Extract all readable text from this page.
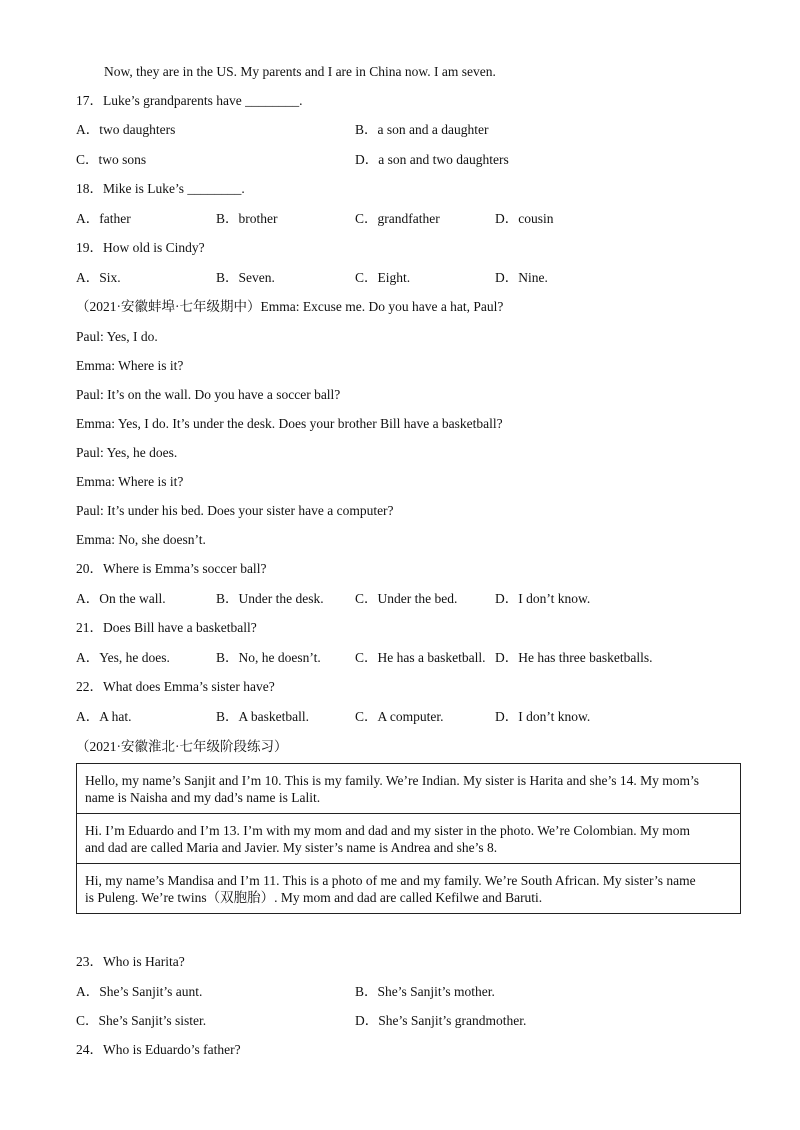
Now, they are in the US. My parents and I are in China now. I am seven.
17．Luke’s grandparents have ________.
A．two daughters	B．a son and a daughter
C．two sons	D．a son and two daughters
18．Mike is Luke’s ________.
A．father	B．brother	C．grandfather	D．cousin
19．How old is Cindy?
A．Six.	B．Seven.	C．Eight.	D．Nine.
（2021·安徽蚌埠·七年级期中）Emma: Excuse me. Do you have a hat, Paul?
Paul: Yes, I do.
Emma: Where is it?
Paul: It’s on the wall. Do you have a soccer ball?
Emma: Yes, I do. It’s under the desk. Does your brother Bill have a basketball?
Paul: Yes, he does.
Emma: Where is it?
Paul: It’s under his bed. Does your sister have a computer?
Emma: No, she doesn’t.
20．Where is Emma’s soccer ball?
A．On the wall.	B．Under the desk. C．Under the bed.	D．I don’t know.
21．Does Bill have a basketball?
A．Yes, he does.	B．No, he doesn’t.	C．He has a basketball. D．He has three basketballs.
22．What does Emma’s sister have?
A．A hat.	B．A basketball.	C．A computer.	D．I don’t know.
（2021·安徽淮北·七年级阶段练习）
Hello, my name’s Sanjit and I’m 10. This is my family. We’re Indian. My sister is Harita and she’s 14. My mom’s
name is Naisha and my dad’s name is Lalit.

Hi. I’m Eduardo and I’m 13. I’m with my mom and dad and my sister in the photo. We’re Colombian. My mom
and dad are called Maria and Javier. My sister’s name is Andrea and she’s 8.

Hi, my name’s Mandisa and I’m 11. This is a photo of me and my family. We’re South African. My sister’s name
is Puleng. We’re twins（双胞胎）. My mom and dad are called Kefilwe and Baruti.
23．Who is Harita?
A．She’s Sanjit’s aunt.	B．She’s Sanjit’s mother.
C．She’s Sanjit’s sister.	D．She’s Sanjit’s grandmother.
24．Who is Eduardo’s father?
